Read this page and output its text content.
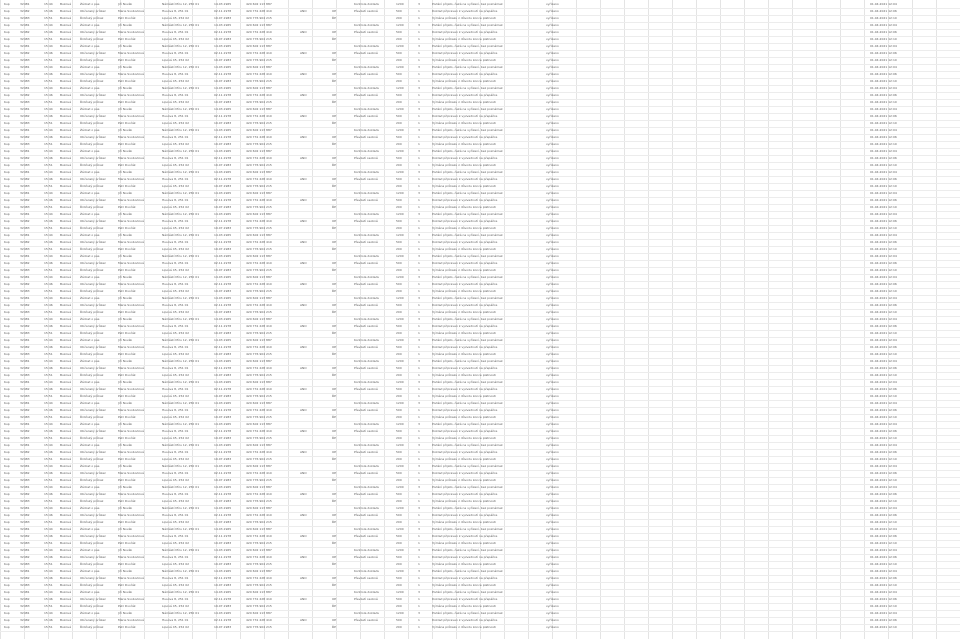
Kup	32481	15:44	Buková	Žádost o pas	Jiří Novák	Náměstí Míru 12, 250 01	14.03.1965	420 602 113 887	Kontrola dokladu	1200	3	Podání přijato, čeká na vyřízení, bez poznámek	vyřízeno	01.04.2021 12:04
Kup	32482	15:46	Buková	Občanský průkaz	Marie Svobodová	Husova 8, 251 01	02.11.1978	420 731 228 410	ANO	OP	Převzetí osobně	500	1	Doklad připraven k vyzvednutí na přepážce	vyřízeno	01.04.2021 12:06
Kup	32483	15:51	Buková	Řidičský průkaz	Petr Dvořák	Lipová 45, 252 02	19.07.1983	420 776 904 215	ŘP	200	1	Výměna průkazu z důvodu konce platnosti	vyřízeno	01.04.2021 12:10
Kup	32481	15:44	Buková	Žádost o pas	Jiří Novák	Náměstí Míru 12, 250 01	14.03.1965	420 602 113 887	Kontrola dokladu	1200	3	Podání přijato, čeká na vyřízení, bez poznámek	vyřízeno	01.04.2021 12:04
Kup	32482	15:46	Buková	Občanský průkaz	Marie Svobodová	Husova 8, 251 01	02.11.1978	420 731 228 410	ANO	OP	Převzetí osobně	500	1	Doklad připraven k vyzvednutí na přepážce	vyřízeno	01.04.2021 12:06
Kup	32483	15:51	Buková	Řidičský průkaz	Petr Dvořák	Lipová 45, 252 02	19.07.1983	420 776 904 215	ŘP	200	1	Výměna průkazu z důvodu konce platnosti	vyřízeno	01.04.2021 12:10
Kup	32481	15:44	Buková	Žádost o pas	Jiří Novák	Náměstí Míru 12, 250 01	14.03.1965	420 602 113 887	Kontrola dokladu	1200	3	Podání přijato, čeká na vyřízení, bez poznámek	vyřízeno	01.04.2021 12:04
Kup	32482	15:46	Buková	Občanský průkaz	Marie Svobodová	Husova 8, 251 01	02.11.1978	420 731 228 410	ANO	OP	Převzetí osobně	500	1	Doklad připraven k vyzvednutí na přepážce	vyřízeno	01.04.2021 12:06
Kup	32483	15:51	Buková	Řidičský průkaz	Petr Dvořák	Lipová 45, 252 02	19.07.1983	420 776 904 215	ŘP	200	1	Výměna průkazu z důvodu konce platnosti	vyřízeno	01.04.2021 12:10
Kup	32481	15:44	Buková	Žádost o pas	Jiří Novák	Náměstí Míru 12, 250 01	14.03.1965	420 602 113 887	Kontrola dokladu	1200	3	Podání přijato, čeká na vyřízení, bez poznámek	vyřízeno	01.04.2021 12:04
Kup	32482	15:46	Buková	Občanský průkaz	Marie Svobodová	Husova 8, 251 01	02.11.1978	420 731 228 410	ANO	OP	Převzetí osobně	500	1	Doklad připraven k vyzvednutí na přepážce	vyřízeno	01.04.2021 12:06
Kup	32483	15:51	Buková	Řidičský průkaz	Petr Dvořák	Lipová 45, 252 02	19.07.1983	420 776 904 215	ŘP	200	1	Výměna průkazu z důvodu konce platnosti	vyřízeno	01.04.2021 12:10
Kup	32481	15:44	Buková	Žádost o pas	Jiří Novák	Náměstí Míru 12, 250 01	14.03.1965	420 602 113 887	Kontrola dokladu	1200	3	Podání přijato, čeká na vyřízení, bez poznámek	vyřízeno	01.04.2021 12:04
Kup	32482	15:46	Buková	Občanský průkaz	Marie Svobodová	Husova 8, 251 01	02.11.1978	420 731 228 410	ANO	OP	Převzetí osobně	500	1	Doklad připraven k vyzvednutí na přepážce	vyřízeno	01.04.2021 12:06
Kup	32483	15:51	Buková	Řidičský průkaz	Petr Dvořák	Lipová 45, 252 02	19.07.1983	420 776 904 215	ŘP	200	1	Výměna průkazu z důvodu konce platnosti	vyřízeno	01.04.2021 12:10
Kup	32481	15:44	Buková	Žádost o pas	Jiří Novák	Náměstí Míru 12, 250 01	14.03.1965	420 602 113 887	Kontrola dokladu	1200	3	Podání přijato, čeká na vyřízení, bez poznámek	vyřízeno	01.04.2021 12:04
Kup	32482	15:46	Buková	Občanský průkaz	Marie Svobodová	Husova 8, 251 01	02.11.1978	420 731 228 410	ANO	OP	Převzetí osobně	500	1	Doklad připraven k vyzvednutí na přepážce	vyřízeno	01.04.2021 12:06
Kup	32483	15:51	Buková	Řidičský průkaz	Petr Dvořák	Lipová 45, 252 02	19.07.1983	420 776 904 215	ŘP	200	1	Výměna průkazu z důvodu konce platnosti	vyřízeno	01.04.2021 12:10
Kup	32481	15:44	Buková	Žádost o pas	Jiří Novák	Náměstí Míru 12, 250 01	14.03.1965	420 602 113 887	Kontrola dokladu	1200	3	Podání přijato, čeká na vyřízení, bez poznámek	vyřízeno	01.04.2021 12:04
Kup	32482	15:46	Buková	Občanský průkaz	Marie Svobodová	Husova 8, 251 01	02.11.1978	420 731 228 410	ANO	OP	Převzetí osobně	500	1	Doklad připraven k vyzvednutí na přepážce	vyřízeno	01.04.2021 12:06
Kup	32483	15:51	Buková	Řidičský průkaz	Petr Dvořák	Lipová 45, 252 02	19.07.1983	420 776 904 215	ŘP	200	1	Výměna průkazu z důvodu konce platnosti	vyřízeno	01.04.2021 12:10
Kup	32481	15:44	Buková	Žádost o pas	Jiří Novák	Náměstí Míru 12, 250 01	14.03.1965	420 602 113 887	Kontrola dokladu	1200	3	Podání přijato, čeká na vyřízení, bez poznámek	vyřízeno	01.04.2021 12:04
Kup	32482	15:46	Buková	Občanský průkaz	Marie Svobodová	Husova 8, 251 01	02.11.1978	420 731 228 410	ANO	OP	Převzetí osobně	500	1	Doklad připraven k vyzvednutí na přepážce	vyřízeno	01.04.2021 12:06
Kup	32483	15:51	Buková	Řidičský průkaz	Petr Dvořák	Lipová 45, 252 02	19.07.1983	420 776 904 215	ŘP	200	1	Výměna průkazu z důvodu konce platnosti	vyřízeno	01.04.2021 12:10
Kup	32481	15:44	Buková	Žádost o pas	Jiří Novák	Náměstí Míru 12, 250 01	14.03.1965	420 602 113 887	Kontrola dokladu	1200	3	Podání přijato, čeká na vyřízení, bez poznámek	vyřízeno	01.04.2021 12:04
Kup	32482	15:46	Buková	Občanský průkaz	Marie Svobodová	Husova 8, 251 01	02.11.1978	420 731 228 410	ANO	OP	Převzetí osobně	500	1	Doklad připraven k vyzvednutí na přepážce	vyřízeno	01.04.2021 12:06
Kup	32483	15:51	Buková	Řidičský průkaz	Petr Dvořák	Lipová 45, 252 02	19.07.1983	420 776 904 215	ŘP	200	1	Výměna průkazu z důvodu konce platnosti	vyřízeno	01.04.2021 12:10
Kup	32481	15:44	Buková	Žádost o pas	Jiří Novák	Náměstí Míru 12, 250 01	14.03.1965	420 602 113 887	Kontrola dokladu	1200	3	Podání přijato, čeká na vyřízení, bez poznámek	vyřízeno	01.04.2021 12:04
Kup	32482	15:46	Buková	Občanský průkaz	Marie Svobodová	Husova 8, 251 01	02.11.1978	420 731 228 410	ANO	OP	Převzetí osobně	500	1	Doklad připraven k vyzvednutí na přepážce	vyřízeno	01.04.2021 12:06
Kup	32483	15:51	Buková	Řidičský průkaz	Petr Dvořák	Lipová 45, 252 02	19.07.1983	420 776 904 215	ŘP	200	1	Výměna průkazu z důvodu konce platnosti	vyřízeno	01.04.2021 12:10
Kup	32481	15:44	Buková	Žádost o pas	Jiří Novák	Náměstí Míru 12, 250 01	14.03.1965	420 602 113 887	Kontrola dokladu	1200	3	Podání přijato, čeká na vyřízení, bez poznámek	vyřízeno	01.04.2021 12:04
Kup	32482	15:46	Buková	Občanský průkaz	Marie Svobodová	Husova 8, 251 01	02.11.1978	420 731 228 410	ANO	OP	Převzetí osobně	500	1	Doklad připraven k vyzvednutí na přepážce	vyřízeno	01.04.2021 12:06
Kup	32483	15:51	Buková	Řidičský průkaz	Petr Dvořák	Lipová 45, 252 02	19.07.1983	420 776 904 215	ŘP	200	1	Výměna průkazu z důvodu konce platnosti	vyřízeno	01.04.2021 12:10
Kup	32481	15:44	Buková	Žádost o pas	Jiří Novák	Náměstí Míru 12, 250 01	14.03.1965	420 602 113 887	Kontrola dokladu	1200	3	Podání přijato, čeká na vyřízení, bez poznámek	vyřízeno	01.04.2021 12:04
Kup	32482	15:46	Buková	Občanský průkaz	Marie Svobodová	Husova 8, 251 01	02.11.1978	420 731 228 410	ANO	OP	Převzetí osobně	500	1	Doklad připraven k vyzvednutí na přepážce	vyřízeno	01.04.2021 12:06
Kup	32483	15:51	Buková	Řidičský průkaz	Petr Dvořák	Lipová 45, 252 02	19.07.1983	420 776 904 215	ŘP	200	1	Výměna průkazu z důvodu konce platnosti	vyřízeno	01.04.2021 12:10
Kup	32481	15:44	Buková	Žádost o pas	Jiří Novák	Náměstí Míru 12, 250 01	14.03.1965	420 602 113 887	Kontrola dokladu	1200	3	Podání přijato, čeká na vyřízení, bez poznámek	vyřízeno	01.04.2021 12:04
Kup	32482	15:46	Buková	Občanský průkaz	Marie Svobodová	Husova 8, 251 01	02.11.1978	420 731 228 410	ANO	OP	Převzetí osobně	500	1	Doklad připraven k vyzvednutí na přepážce	vyřízeno	01.04.2021 12:06
Kup	32483	15:51	Buková	Řidičský průkaz	Petr Dvořák	Lipová 45, 252 02	19.07.1983	420 776 904 215	ŘP	200	1	Výměna průkazu z důvodu konce platnosti	vyřízeno	01.04.2021 12:10
Kup	32481	15:44	Buková	Žádost o pas	Jiří Novák	Náměstí Míru 12, 250 01	14.03.1965	420 602 113 887	Kontrola dokladu	1200	3	Podání přijato, čeká na vyřízení, bez poznámek	vyřízeno	01.04.2021 12:04
Kup	32482	15:46	Buková	Občanský průkaz	Marie Svobodová	Husova 8, 251 01	02.11.1978	420 731 228 410	ANO	OP	Převzetí osobně	500	1	Doklad připraven k vyzvednutí na přepážce	vyřízeno	01.04.2021 12:06
Kup	32483	15:51	Buková	Řidičský průkaz	Petr Dvořák	Lipová 45, 252 02	19.07.1983	420 776 904 215	ŘP	200	1	Výměna průkazu z důvodu konce platnosti	vyřízeno	01.04.2021 12:10
Kup	32481	15:44	Buková	Žádost o pas	Jiří Novák	Náměstí Míru 12, 250 01	14.03.1965	420 602 113 887	Kontrola dokladu	1200	3	Podání přijato, čeká na vyřízení, bez poznámek	vyřízeno	01.04.2021 12:04
Kup	32482	15:46	Buková	Občanský průkaz	Marie Svobodová	Husova 8, 251 01	02.11.1978	420 731 228 410	ANO	OP	Převzetí osobně	500	1	Doklad připraven k vyzvednutí na přepážce	vyřízeno	01.04.2021 12:06
Kup	32483	15:51	Buková	Řidičský průkaz	Petr Dvořák	Lipová 45, 252 02	19.07.1983	420 776 904 215	ŘP	200	1	Výměna průkazu z důvodu konce platnosti	vyřízeno	01.04.2021 12:10
Kup	32481	15:44	Buková	Žádost o pas	Jiří Novák	Náměstí Míru 12, 250 01	14.03.1965	420 602 113 887	Kontrola dokladu	1200	3	Podání přijato, čeká na vyřízení, bez poznámek	vyřízeno	01.04.2021 12:04
Kup	32482	15:46	Buková	Občanský průkaz	Marie Svobodová	Husova 8, 251 01	02.11.1978	420 731 228 410	ANO	OP	Převzetí osobně	500	1	Doklad připraven k vyzvednutí na přepážce	vyřízeno	01.04.2021 12:06
Kup	32483	15:51	Buková	Řidičský průkaz	Petr Dvořák	Lipová 45, 252 02	19.07.1983	420 776 904 215	ŘP	200	1	Výměna průkazu z důvodu konce platnosti	vyřízeno	01.04.2021 12:10
Kup	32481	15:44	Buková	Žádost o pas	Jiří Novák	Náměstí Míru 12, 250 01	14.03.1965	420 602 113 887	Kontrola dokladu	1200	3	Podání přijato, čeká na vyřízení, bez poznámek	vyřízeno	01.04.2021 12:04
Kup	32482	15:46	Buková	Občanský průkaz	Marie Svobodová	Husova 8, 251 01	02.11.1978	420 731 228 410	ANO	OP	Převzetí osobně	500	1	Doklad připraven k vyzvednutí na přepážce	vyřízeno	01.04.2021 12:06
Kup	32483	15:51	Buková	Řidičský průkaz	Petr Dvořák	Lipová 45, 252 02	19.07.1983	420 776 904 215	ŘP	200	1	Výměna průkazu z důvodu konce platnosti	vyřízeno	01.04.2021 12:10
Kup	32481	15:44	Buková	Žádost o pas	Jiří Novák	Náměstí Míru 12, 250 01	14.03.1965	420 602 113 887	Kontrola dokladu	1200	3	Podání přijato, čeká na vyřízení, bez poznámek	vyřízeno	01.04.2021 12:04
Kup	32482	15:46	Buková	Občanský průkaz	Marie Svobodová	Husova 8, 251 01	02.11.1978	420 731 228 410	ANO	OP	Převzetí osobně	500	1	Doklad připraven k vyzvednutí na přepážce	vyřízeno	01.04.2021 12:06
Kup	32483	15:51	Buková	Řidičský průkaz	Petr Dvořák	Lipová 45, 252 02	19.07.1983	420 776 904 215	ŘP	200	1	Výměna průkazu z důvodu konce platnosti	vyřízeno	01.04.2021 12:10
Kup	32481	15:44	Buková	Žádost o pas	Jiří Novák	Náměstí Míru 12, 250 01	14.03.1965	420 602 113 887	Kontrola dokladu	1200	3	Podání přijato, čeká na vyřízení, bez poznámek	vyřízeno	01.04.2021 12:04
Kup	32482	15:46	Buková	Občanský průkaz	Marie Svobodová	Husova 8, 251 01	02.11.1978	420 731 228 410	ANO	OP	Převzetí osobně	500	1	Doklad připraven k vyzvednutí na přepážce	vyřízeno	01.04.2021 12:06
Kup	32483	15:51	Buková	Řidičský průkaz	Petr Dvořák	Lipová 45, 252 02	19.07.1983	420 776 904 215	ŘP	200	1	Výměna průkazu z důvodu konce platnosti	vyřízeno	01.04.2021 12:10
Kup	32481	15:44	Buková	Žádost o pas	Jiří Novák	Náměstí Míru 12, 250 01	14.03.1965	420 602 113 887	Kontrola dokladu	1200	3	Podání přijato, čeká na vyřízení, bez poznámek	vyřízeno	01.04.2021 12:04
Kup	32482	15:46	Buková	Občanský průkaz	Marie Svobodová	Husova 8, 251 01	02.11.1978	420 731 228 410	ANO	OP	Převzetí osobně	500	1	Doklad připraven k vyzvednutí na přepážce	vyřízeno	01.04.2021 12:06
Kup	32483	15:51	Buková	Řidičský průkaz	Petr Dvořák	Lipová 45, 252 02	19.07.1983	420 776 904 215	ŘP	200	1	Výměna průkazu z důvodu konce platnosti	vyřízeno	01.04.2021 12:10
Kup	32481	15:44	Buková	Žádost o pas	Jiří Novák	Náměstí Míru 12, 250 01	14.03.1965	420 602 113 887	Kontrola dokladu	1200	3	Podání přijato, čeká na vyřízení, bez poznámek	vyřízeno	01.04.2021 12:04
Kup	32482	15:46	Buková	Občanský průkaz	Marie Svobodová	Husova 8, 251 01	02.11.1978	420 731 228 410	ANO	OP	Převzetí osobně	500	1	Doklad připraven k vyzvednutí na přepážce	vyřízeno	01.04.2021 12:06
Kup	32483	15:51	Buková	Řidičský průkaz	Petr Dvořák	Lipová 45, 252 02	19.07.1983	420 776 904 215	ŘP	200	1	Výměna průkazu z důvodu konce platnosti	vyřízeno	01.04.2021 12:10
Kup	32481	15:44	Buková	Žádost o pas	Jiří Novák	Náměstí Míru 12, 250 01	14.03.1965	420 602 113 887	Kontrola dokladu	1200	3	Podání přijato, čeká na vyřízení, bez poznámek	vyřízeno	01.04.2021 12:04
Kup	32482	15:46	Buková	Občanský průkaz	Marie Svobodová	Husova 8, 251 01	02.11.1978	420 731 228 410	ANO	OP	Převzetí osobně	500	1	Doklad připraven k vyzvednutí na přepážce	vyřízeno	01.04.2021 12:06
Kup	32483	15:51	Buková	Řidičský průkaz	Petr Dvořák	Lipová 45, 252 02	19.07.1983	420 776 904 215	ŘP	200	1	Výměna průkazu z důvodu konce platnosti	vyřízeno	01.04.2021 12:10
Kup	32481	15:44	Buková	Žádost o pas	Jiří Novák	Náměstí Míru 12, 250 01	14.03.1965	420 602 113 887	Kontrola dokladu	1200	3	Podání přijato, čeká na vyřízení, bez poznámek	vyřízeno	01.04.2021 12:04
Kup	32482	15:46	Buková	Občanský průkaz	Marie Svobodová	Husova 8, 251 01	02.11.1978	420 731 228 410	ANO	OP	Převzetí osobně	500	1	Doklad připraven k vyzvednutí na přepážce	vyřízeno	01.04.2021 12:06
Kup	32483	15:51	Buková	Řidičský průkaz	Petr Dvořák	Lipová 45, 252 02	19.07.1983	420 776 904 215	ŘP	200	1	Výměna průkazu z důvodu konce platnosti	vyřízeno	01.04.2021 12:10
Kup	32481	15:44	Buková	Žádost o pas	Jiří Novák	Náměstí Míru 12, 250 01	14.03.1965	420 602 113 887	Kontrola dokladu	1200	3	Podání přijato, čeká na vyřízení, bez poznámek	vyřízeno	01.04.2021 12:04
Kup	32482	15:46	Buková	Občanský průkaz	Marie Svobodová	Husova 8, 251 01	02.11.1978	420 731 228 410	ANO	OP	Převzetí osobně	500	1	Doklad připraven k vyzvednutí na přepážce	vyřízeno	01.04.2021 12:06
Kup	32483	15:51	Buková	Řidičský průkaz	Petr Dvořák	Lipová 45, 252 02	19.07.1983	420 776 904 215	ŘP	200	1	Výměna průkazu z důvodu konce platnosti	vyřízeno	01.04.2021 12:10
Kup	32481	15:44	Buková	Žádost o pas	Jiří Novák	Náměstí Míru 12, 250 01	14.03.1965	420 602 113 887	Kontrola dokladu	1200	3	Podání přijato, čeká na vyřízení, bez poznámek	vyřízeno	01.04.2021 12:04
Kup	32482	15:46	Buková	Občanský průkaz	Marie Svobodová	Husova 8, 251 01	02.11.1978	420 731 228 410	ANO	OP	Převzetí osobně	500	1	Doklad připraven k vyzvednutí na přepážce	vyřízeno	01.04.2021 12:06
Kup	32483	15:51	Buková	Řidičský průkaz	Petr Dvořák	Lipová 45, 252 02	19.07.1983	420 776 904 215	ŘP	200	1	Výměna průkazu z důvodu konce platnosti	vyřízeno	01.04.2021 12:10
Kup	32481	15:44	Buková	Žádost o pas	Jiří Novák	Náměstí Míru 12, 250 01	14.03.1965	420 602 113 887	Kontrola dokladu	1200	3	Podání přijato, čeká na vyřízení, bez poznámek	vyřízeno	01.04.2021 12:04
Kup	32482	15:46	Buková	Občanský průkaz	Marie Svobodová	Husova 8, 251 01	02.11.1978	420 731 228 410	ANO	OP	Převzetí osobně	500	1	Doklad připraven k vyzvednutí na přepážce	vyřízeno	01.04.2021 12:06
Kup	32483	15:51	Buková	Řidičský průkaz	Petr Dvořák	Lipová 45, 252 02	19.07.1983	420 776 904 215	ŘP	200	1	Výměna průkazu z důvodu konce platnosti	vyřízeno	01.04.2021 12:10
Kup	32481	15:44	Buková	Žádost o pas	Jiří Novák	Náměstí Míru 12, 250 01	14.03.1965	420 602 113 887	Kontrola dokladu	1200	3	Podání přijato, čeká na vyřízení, bez poznámek	vyřízeno	01.04.2021 12:04
Kup	32482	15:46	Buková	Občanský průkaz	Marie Svobodová	Husova 8, 251 01	02.11.1978	420 731 228 410	ANO	OP	Převzetí osobně	500	1	Doklad připraven k vyzvednutí na přepážce	vyřízeno	01.04.2021 12:06
Kup	32483	15:51	Buková	Řidičský průkaz	Petr Dvořák	Lipová 45, 252 02	19.07.1983	420 776 904 215	ŘP	200	1	Výměna průkazu z důvodu konce platnosti	vyřízeno	01.04.2021 12:10
Kup	32481	15:44	Buková	Žádost o pas	Jiří Novák	Náměstí Míru 12, 250 01	14.03.1965	420 602 113 887	Kontrola dokladu	1200	3	Podání přijato, čeká na vyřízení, bez poznámek	vyřízeno	01.04.2021 12:04
Kup	32482	15:46	Buková	Občanský průkaz	Marie Svobodová	Husova 8, 251 01	02.11.1978	420 731 228 410	ANO	OP	Převzetí osobně	500	1	Doklad připraven k vyzvednutí na přepážce	vyřízeno	01.04.2021 12:06
Kup	32483	15:51	Buková	Řidičský průkaz	Petr Dvořák	Lipová 45, 252 02	19.07.1983	420 776 904 215	ŘP	200	1	Výměna průkazu z důvodu konce platnosti	vyřízeno	01.04.2021 12:10
Kup	32481	15:44	Buková	Žádost o pas	Jiří Novák	Náměstí Míru 12, 250 01	14.03.1965	420 602 113 887	Kontrola dokladu	1200	3	Podání přijato, čeká na vyřízení, bez poznámek	vyřízeno	01.04.2021 12:04
Kup	32482	15:46	Buková	Občanský průkaz	Marie Svobodová	Husova 8, 251 01	02.11.1978	420 731 228 410	ANO	OP	Převzetí osobně	500	1	Doklad připraven k vyzvednutí na přepážce	vyřízeno	01.04.2021 12:06
Kup	32483	15:51	Buková	Řidičský průkaz	Petr Dvořák	Lipová 45, 252 02	19.07.1983	420 776 904 215	ŘP	200	1	Výměna průkazu z důvodu konce platnosti	vyřízeno	01.04.2021 12:10
Kup	32481	15:44	Buková	Žádost o pas	Jiří Novák	Náměstí Míru 12, 250 01	14.03.1965	420 602 113 887	Kontrola dokladu	1200	3	Podání přijato, čeká na vyřízení, bez poznámek	vyřízeno	01.04.2021 12:04
Kup	32482	15:46	Buková	Občanský průkaz	Marie Svobodová	Husova 8, 251 01	02.11.1978	420 731 228 410	ANO	OP	Převzetí osobně	500	1	Doklad připraven k vyzvednutí na přepážce	vyřízeno	01.04.2021 12:06
Kup	32483	15:51	Buková	Řidičský průkaz	Petr Dvořák	Lipová 45, 252 02	19.07.1983	420 776 904 215	ŘP	200	1	Výměna průkazu z důvodu konce platnosti	vyřízeno	01.04.2021 12:10
